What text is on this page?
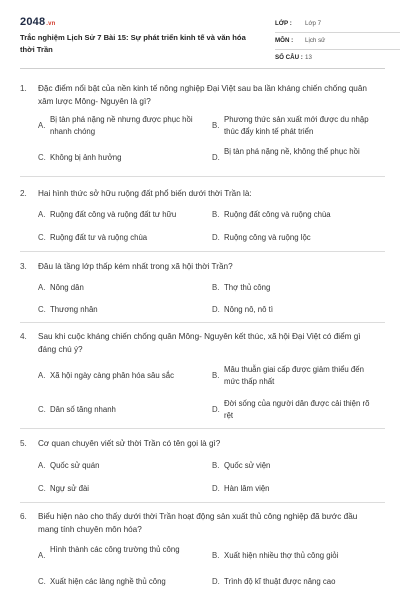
2048.vn
Trắc nghiệm Lịch Sử 7 Bài 15: Sự phát triển kinh tế và văn hóa thời Trần
LỚP : Lớp 7
MÔN : Lịch sử
SỐ CÂU : 13
1.	Đặc điểm nổi bật của nền kinh tế nông nghiệp Đại Việt sau ba lần kháng chiến chống quân xâm lược Mông- Nguyên là gì?
A.
Bị tàn phá nặng nề nhưng được phục hồi nhanh chóng
B.
Phương thức sản xuất mới được du nhập thúc đẩy kinh tế phát triển
C. Không bị ảnh hưởng	D.
Bị tàn phá nặng nề, không thể phục hồi
2.	Hai hình thức sở hữu ruộng đất phổ biến dưới thời Trần là:
A. Ruộng đất công và ruộng đất tư hữu	B. Ruộng đất công và ruộng chùa
C. Ruộng đất tư và ruộng chùa	D. Ruộng công và ruộng lộc
3.	Đâu là tầng lớp thấp kém nhất trong xã hội thời Trần?
A. Nông dân	B. Thợ thủ công
C. Thương nhân	D. Nông nô, nô tì
4.	Sau khi cuộc kháng chiến chống quân Mông- Nguyên kết thúc, xã hội Đại Việt có điểm gì đáng chú ý?
A. Xã hội ngày càng phân hóa sâu sắc	B.
Mâu thuẫn giai cấp được giảm thiểu đến mức thấp nhất
C. Dân số tăng nhanh	D.
Đời sống của người dân được cải thiện rõ rệt
5.	Cơ quan chuyên viết sử thời Trần có tên gọi là gì?
A. Quốc sử quán	B. Quốc sử viện
C. Ngự sử đài	D. Hàn lâm viện
6.	Biểu hiện nào cho thấy dưới thời Trần hoạt động sản xuất thủ công nghiệp đã bước đầu mang tính chuyên môn hóa?
A.
Hình thành các công trường thủ công
B. Xuất hiện nhiều thợ thủ công giỏi
C. Xuất hiện các làng nghề thủ công	D. Trình độ kĩ thuật được nâng cao
